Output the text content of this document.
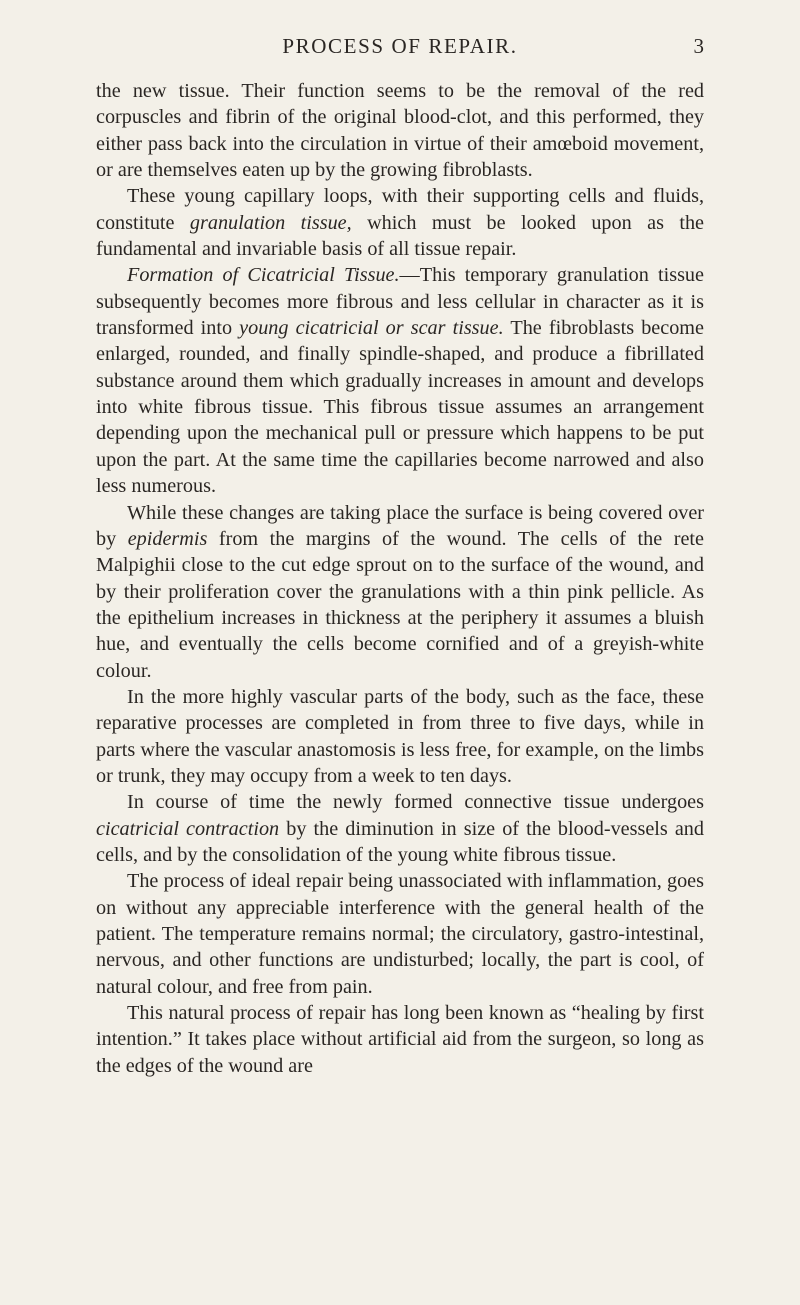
PROCESS OF REPAIR.	3

the new tissue. Their function seems to be the removal of the red corpuscles and fibrin of the original blood-clot, and this performed, they either pass back into the circulation in virtue of their amœboid movement, or are themselves eaten up by the growing fibroblasts.

These young capillary loops, with their supporting cells and fluids, constitute granulation tissue, which must be looked upon as the fundamental and invariable basis of all tissue repair.

Formation of Cicatricial Tissue.—This temporary granulation tissue subsequently becomes more fibrous and less cellular in character as it is transformed into young cicatricial or scar tissue. The fibroblasts become enlarged, rounded, and finally spindle-shaped, and produce a fibrillated substance around them which gradually increases in amount and develops into white fibrous tissue. This fibrous tissue assumes an arrangement depending upon the mechanical pull or pressure which happens to be put upon the part. At the same time the capillaries become narrowed and also less numerous.

While these changes are taking place the surface is being covered over by epidermis from the margins of the wound. The cells of the rete Malpighii close to the cut edge sprout on to the surface of the wound, and by their proliferation cover the granulations with a thin pink pellicle. As the epithelium increases in thickness at the periphery it assumes a bluish hue, and eventually the cells become cornified and of a greyish-white colour.

In the more highly vascular parts of the body, such as the face, these reparative processes are completed in from three to five days, while in parts where the vascular anastomosis is less free, for example, on the limbs or trunk, they may occupy from a week to ten days.

In course of time the newly formed connective tissue undergoes cicatricial contraction by the diminution in size of the blood-vessels and cells, and by the consolidation of the young white fibrous tissue.

The process of ideal repair being unassociated with inflammation, goes on without any appreciable interference with the general health of the patient. The temperature remains normal; the circulatory, gastro-intestinal, nervous, and other functions are undisturbed; locally, the part is cool, of natural colour, and free from pain.

This natural process of repair has long been known as “healing by first intention.” It takes place without artificial aid from the surgeon, so long as the edges of the wound are
